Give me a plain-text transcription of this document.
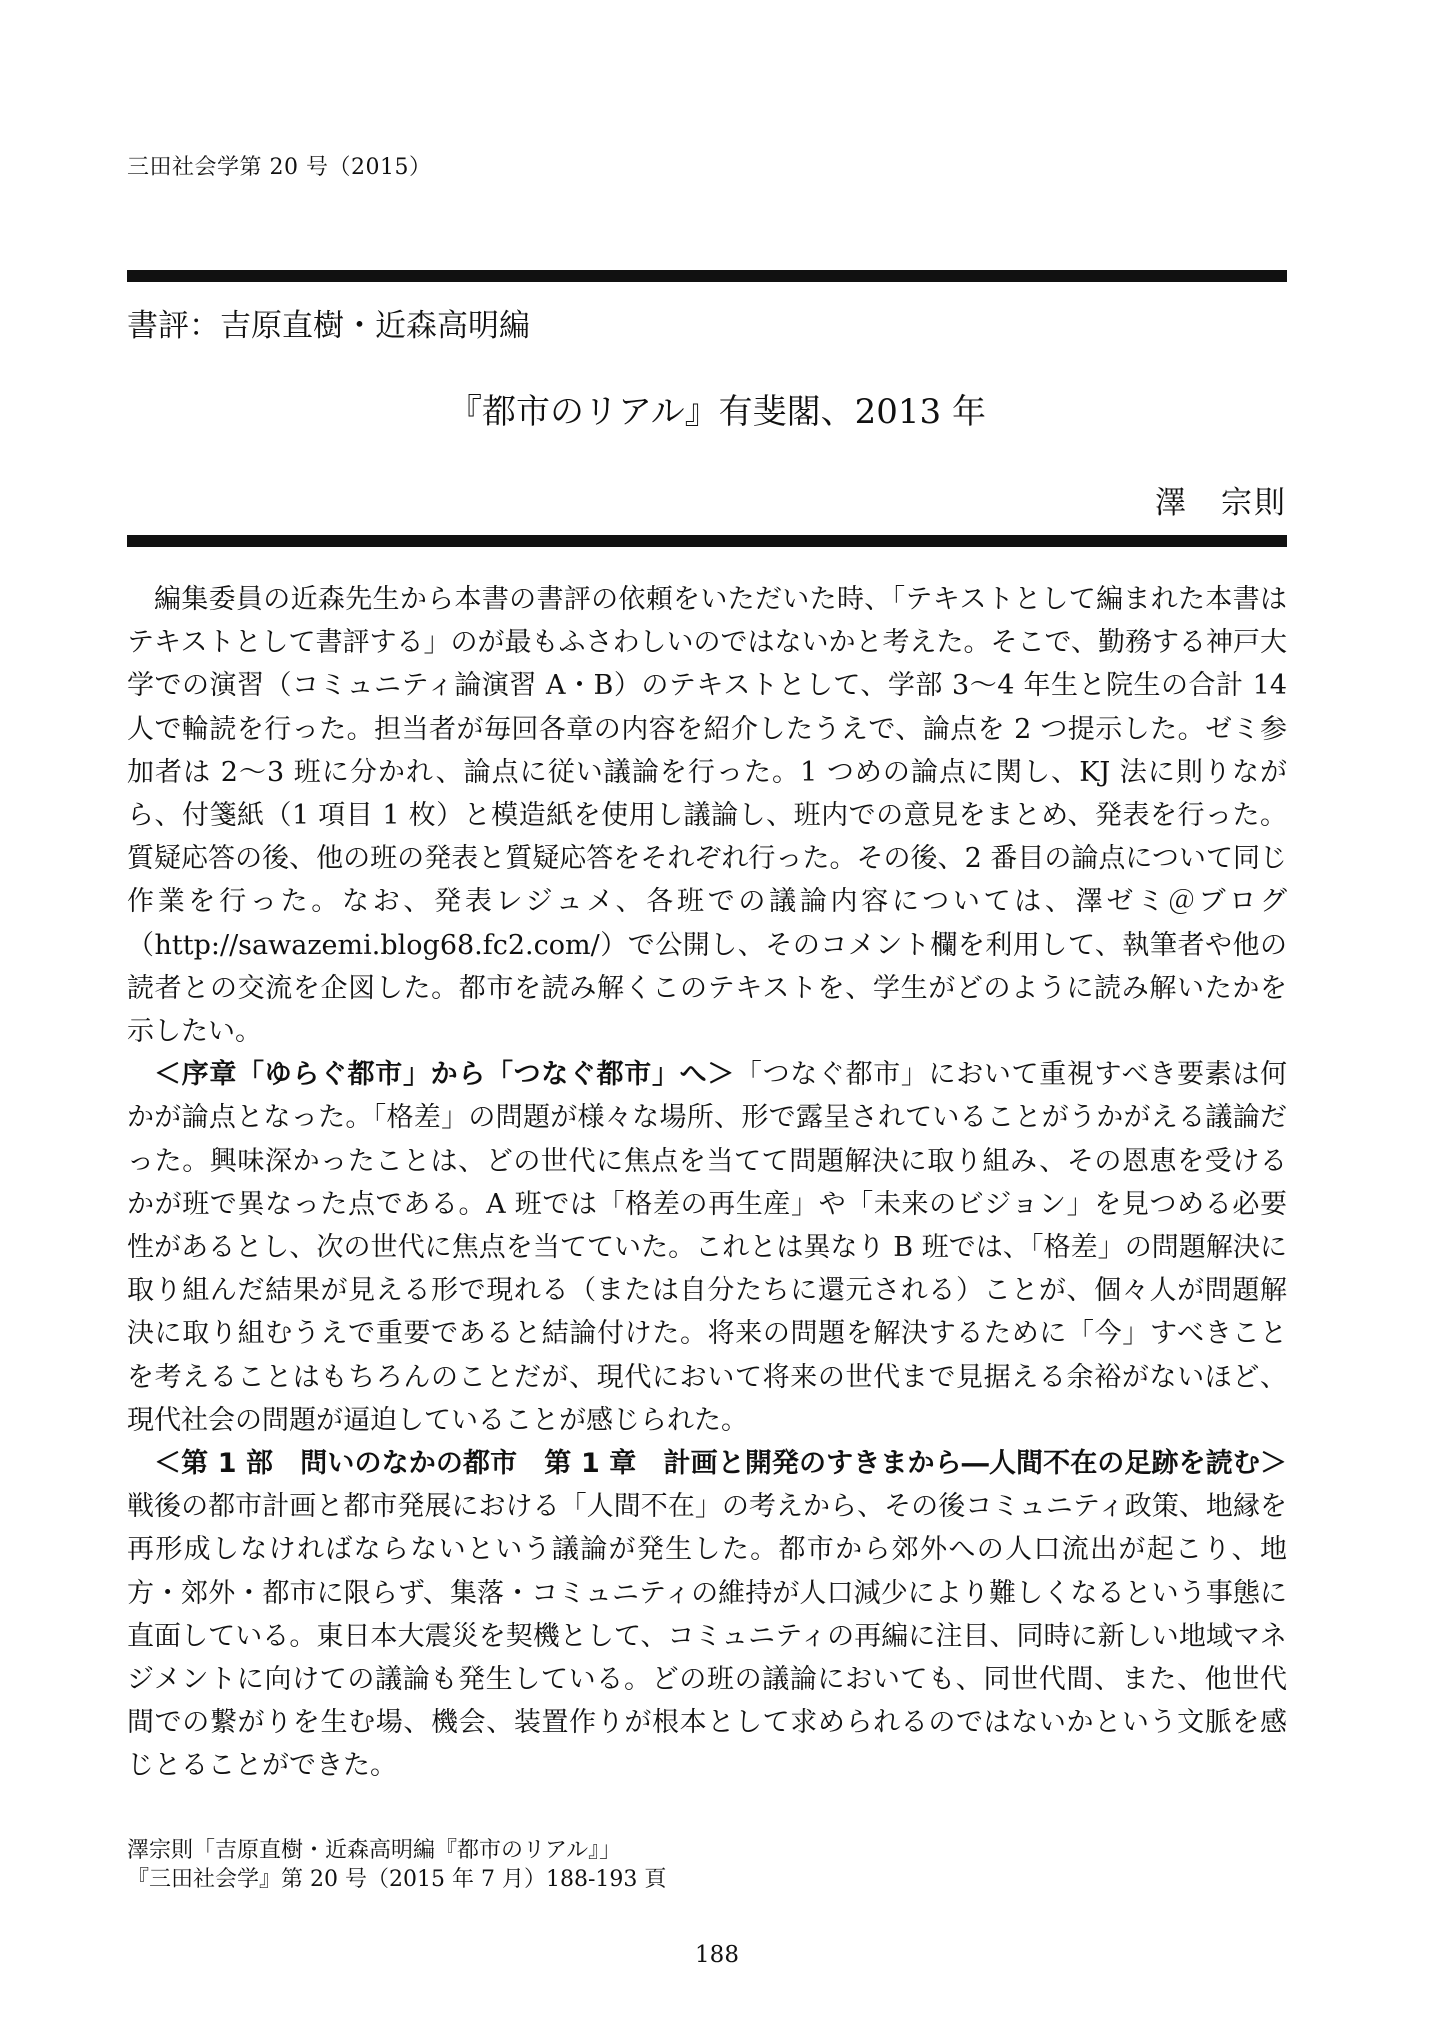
三田社会学第 20 号（2015）
書評：吉原直樹・近森高明編
『都市のリアル』有斐閣、2013 年
澤　宗則

編集委員の近森先生から本書の書評の依頼をいただいた時、「テキストとして編まれた本書はテキストとして書評する」のが最もふさわしいのではないかと考えた。そこで、勤務する神戸大学での演習（コミュニティ論演習 A・B）のテキストとして、学部 3〜4 年生と院生の合計 14 人で輪読を行った。担当者が毎回各章の内容を紹介したうえで、論点を 2 つ提示した。ゼミ参加者は 2〜3 班に分かれ、論点に従い議論を行った。1 つめの論点に関し、KJ 法に則りながら、付箋紙（1 項目 1 枚）と模造紙を使用し議論し、班内での意見をまとめ、発表を行った。質疑応答の後、他の班の発表と質疑応答をそれぞれ行った。その後、2 番目の論点について同じ作業を行った。なお、発表レジュメ、各班での議論内容については、澤ゼミ＠ブログ（http://sawazemi.blog68.fc2.com/）で公開し、そのコメント欄を利用して、執筆者や他の読者との交流を企図した。都市を読み解くこのテキストを、学生がどのように読み解いたかを示したい。

＜序章「ゆらぐ都市」から「つなぐ都市」へ＞「つなぐ都市」において重視すべき要素は何かが論点となった。「格差」の問題が様々な場所、形で露呈されていることがうかがえる議論だった。興味深かったことは、どの世代に焦点を当てて問題解決に取り組み、その恩恵を受けるかが班で異なった点である。A 班では「格差の再生産」や「未来のビジョン」を見つめる必要性があるとし、次の世代に焦点を当てていた。これとは異なり B 班では、「格差」の問題解決に取り組んだ結果が見える形で現れる（または自分たちに還元される）ことが、個々人が問題解決に取り組むうえで重要であると結論付けた。将来の問題を解決するために「今」すべきことを考えることはもちろんのことだが、現代において将来の世代まで見据える余裕がないほど、現代社会の問題が逼迫していることが感じられた。

＜第 1 部　問いのなかの都市　第 1 章　計画と開発のすきまから―人間不在の足跡を読む＞戦後の都市計画と都市発展における「人間不在」の考えから、その後コミュニティ政策、地縁を再形成しなければならないという議論が発生した。都市から郊外への人口流出が起こり、地方・郊外・都市に限らず、集落・コミュニティの維持が人口減少により難しくなるという事態に直面している。東日本大震災を契機として、コミュニティの再編に注目、同時に新しい地域マネジメントに向けての議論も発生している。どの班の議論においても、同世代間、また、他世代間での繋がりを生む場、機会、装置作りが根本として求められるのではないかという文脈を感じとることができた。

澤宗則「吉原直樹・近森高明編『都市のリアル』」
『三田社会学』第 20 号（2015 年 7 月）188-193 頁
188
